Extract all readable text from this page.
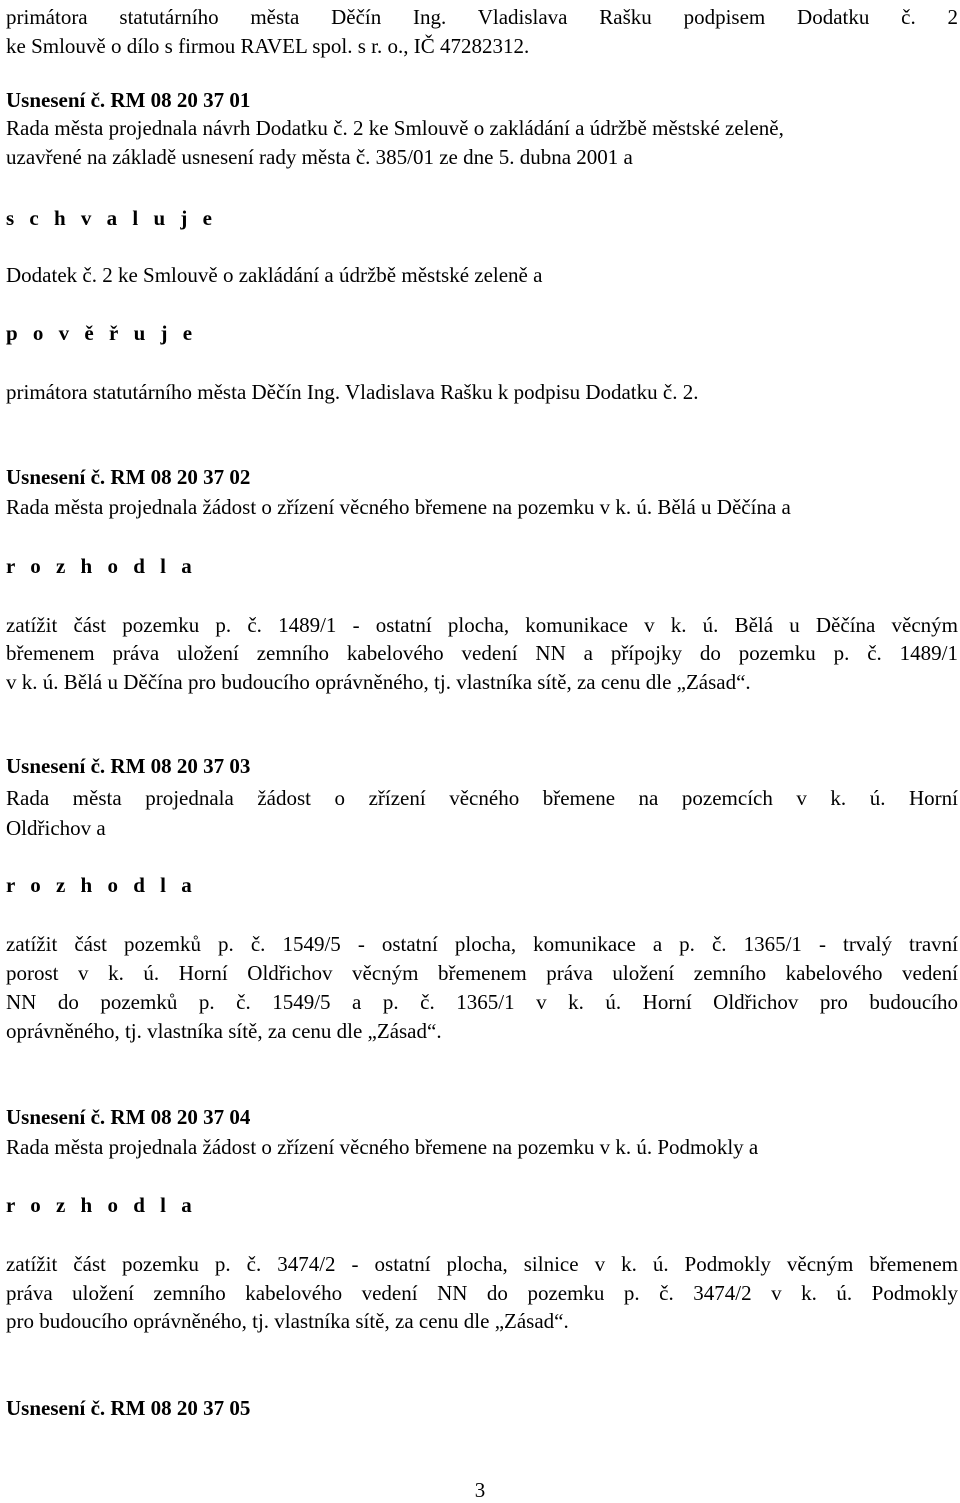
primátora statutárního města Děčín Ing. Vladislava Rašku podpisem Dodatku č. 2
ke Smlouvě o dílo s firmou RAVEL spol. s r. o., IČ 47282312.
Usnesení č. RM 08 20 37 01
Rada města projednala návrh Dodatku č. 2 ke Smlouvě o zakládání a údržbě městské zeleně,
uzavřené na základě usnesení rady města č. 385/01 ze dne 5. dubna 2001 a
s c h v a l u j e
Dodatek č. 2 ke Smlouvě o zakládání a údržbě městské zeleně a
p o v ě ř u j e
primátora statutárního města Děčín Ing. Vladislava Rašku k podpisu Dodatku č. 2.
Usnesení č. RM 08 20 37 02
Rada města projednala žádost o zřízení věcného břemene na pozemku v k. ú. Bělá u Děčína a
r o z h o d l a
zatížit část pozemku p. č. 1489/1 - ostatní plocha, komunikace v k. ú. Bělá u Děčína věcným
břemenem práva uložení zemního kabelového vedení NN a přípojky do pozemku p. č. 1489/1
v k. ú. Bělá u Děčína pro budoucího oprávněného, tj. vlastníka sítě, za cenu dle „Zásad“.
Usnesení č. RM 08 20 37 03
Rada města projednala žádost o zřízení věcného břemene na pozemcích v k. ú. Horní
Oldřichov a
r o z h o d l a
zatížit část pozemků p. č. 1549/5 - ostatní plocha, komunikace a p. č. 1365/1 - trvalý travní
porost v k. ú. Horní Oldřichov věcným břemenem práva uložení zemního kabelového vedení
NN do pozemků p. č. 1549/5 a p. č. 1365/1 v k. ú. Horní Oldřichov pro budoucího
oprávněného, tj. vlastníka sítě, za cenu dle „Zásad“.
Usnesení č. RM 08 20 37 04
Rada města projednala žádost o zřízení věcného břemene na pozemku v k. ú. Podmokly a
r o z h o d l a
zatížit část pozemku p. č. 3474/2 - ostatní plocha, silnice v k. ú. Podmokly věcným břemenem
práva uložení zemního kabelového vedení NN do pozemku p. č. 3474/2 v k. ú. Podmokly
pro budoucího oprávněného, tj. vlastníka sítě, za cenu dle „Zásad“.
Usnesení č. RM 08 20 37 05
3
